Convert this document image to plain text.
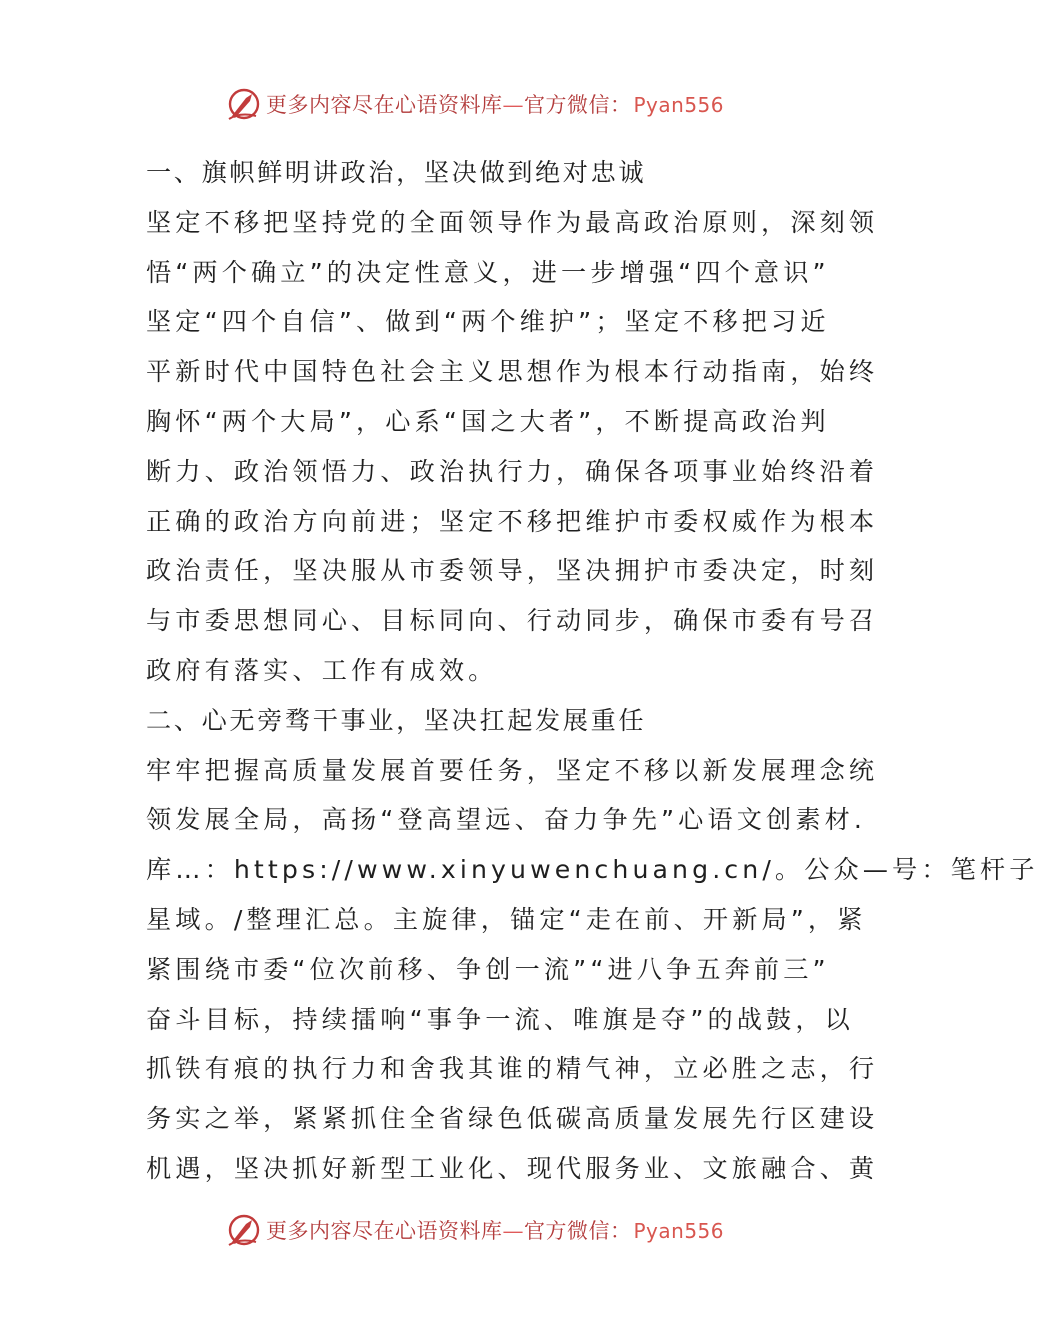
更多内容尽在心语资料库—官方微信： Pyan556
一、旗帜鲜明讲政治，坚决做到绝对忠诚
坚定不移把坚持党的全面领导作为最高政治原则，深刻领
悟“两个确立”的决定性意义，进一步增强“四个意识”
坚定“四个自信”、做到“两个维护”；坚定不移把习近
平新时代中国特色社会主义思想作为根本行动指南，始终
胸怀“两个大局”，心系“国之大者”，不断提高政治判
断力、政治领悟力、政治执行力，确保各项事业始终沿着
正确的政治方向前进；坚定不移把维护市委权威作为根本
政治责任，坚决服从市委领导，坚决拥护市委决定，时刻
与市委思想同心、目标同向、行动同步，确保市委有号召
政府有落实、工作有成效。
二、心无旁骛干事业，坚决扛起发展重任
牢牢把握高质量发展首要任务，坚定不移以新发展理念统
领发展全局，高扬“登高望远、奋力争先”心语文创素材.
库…：https://www.xinyuwenchuang.cn/。公众—号：笔杆子
星域。/整理汇总。主旋律，锚定“走在前、开新局”，紧
紧围绕市委“位次前移、争创一流”“进八争五奔前三”
奋斗目标，持续擂响“事争一流、唯旗是夺”的战鼓，以
抓铁有痕的执行力和舍我其谁的精气神，立必胜之志，行
务实之举，紧紧抓住全省绿色低碳高质量发展先行区建设
机遇，坚决抓好新型工业化、现代服务业、文旅融合、黄
更多内容尽在心语资料库—官方微信： Pyan556
